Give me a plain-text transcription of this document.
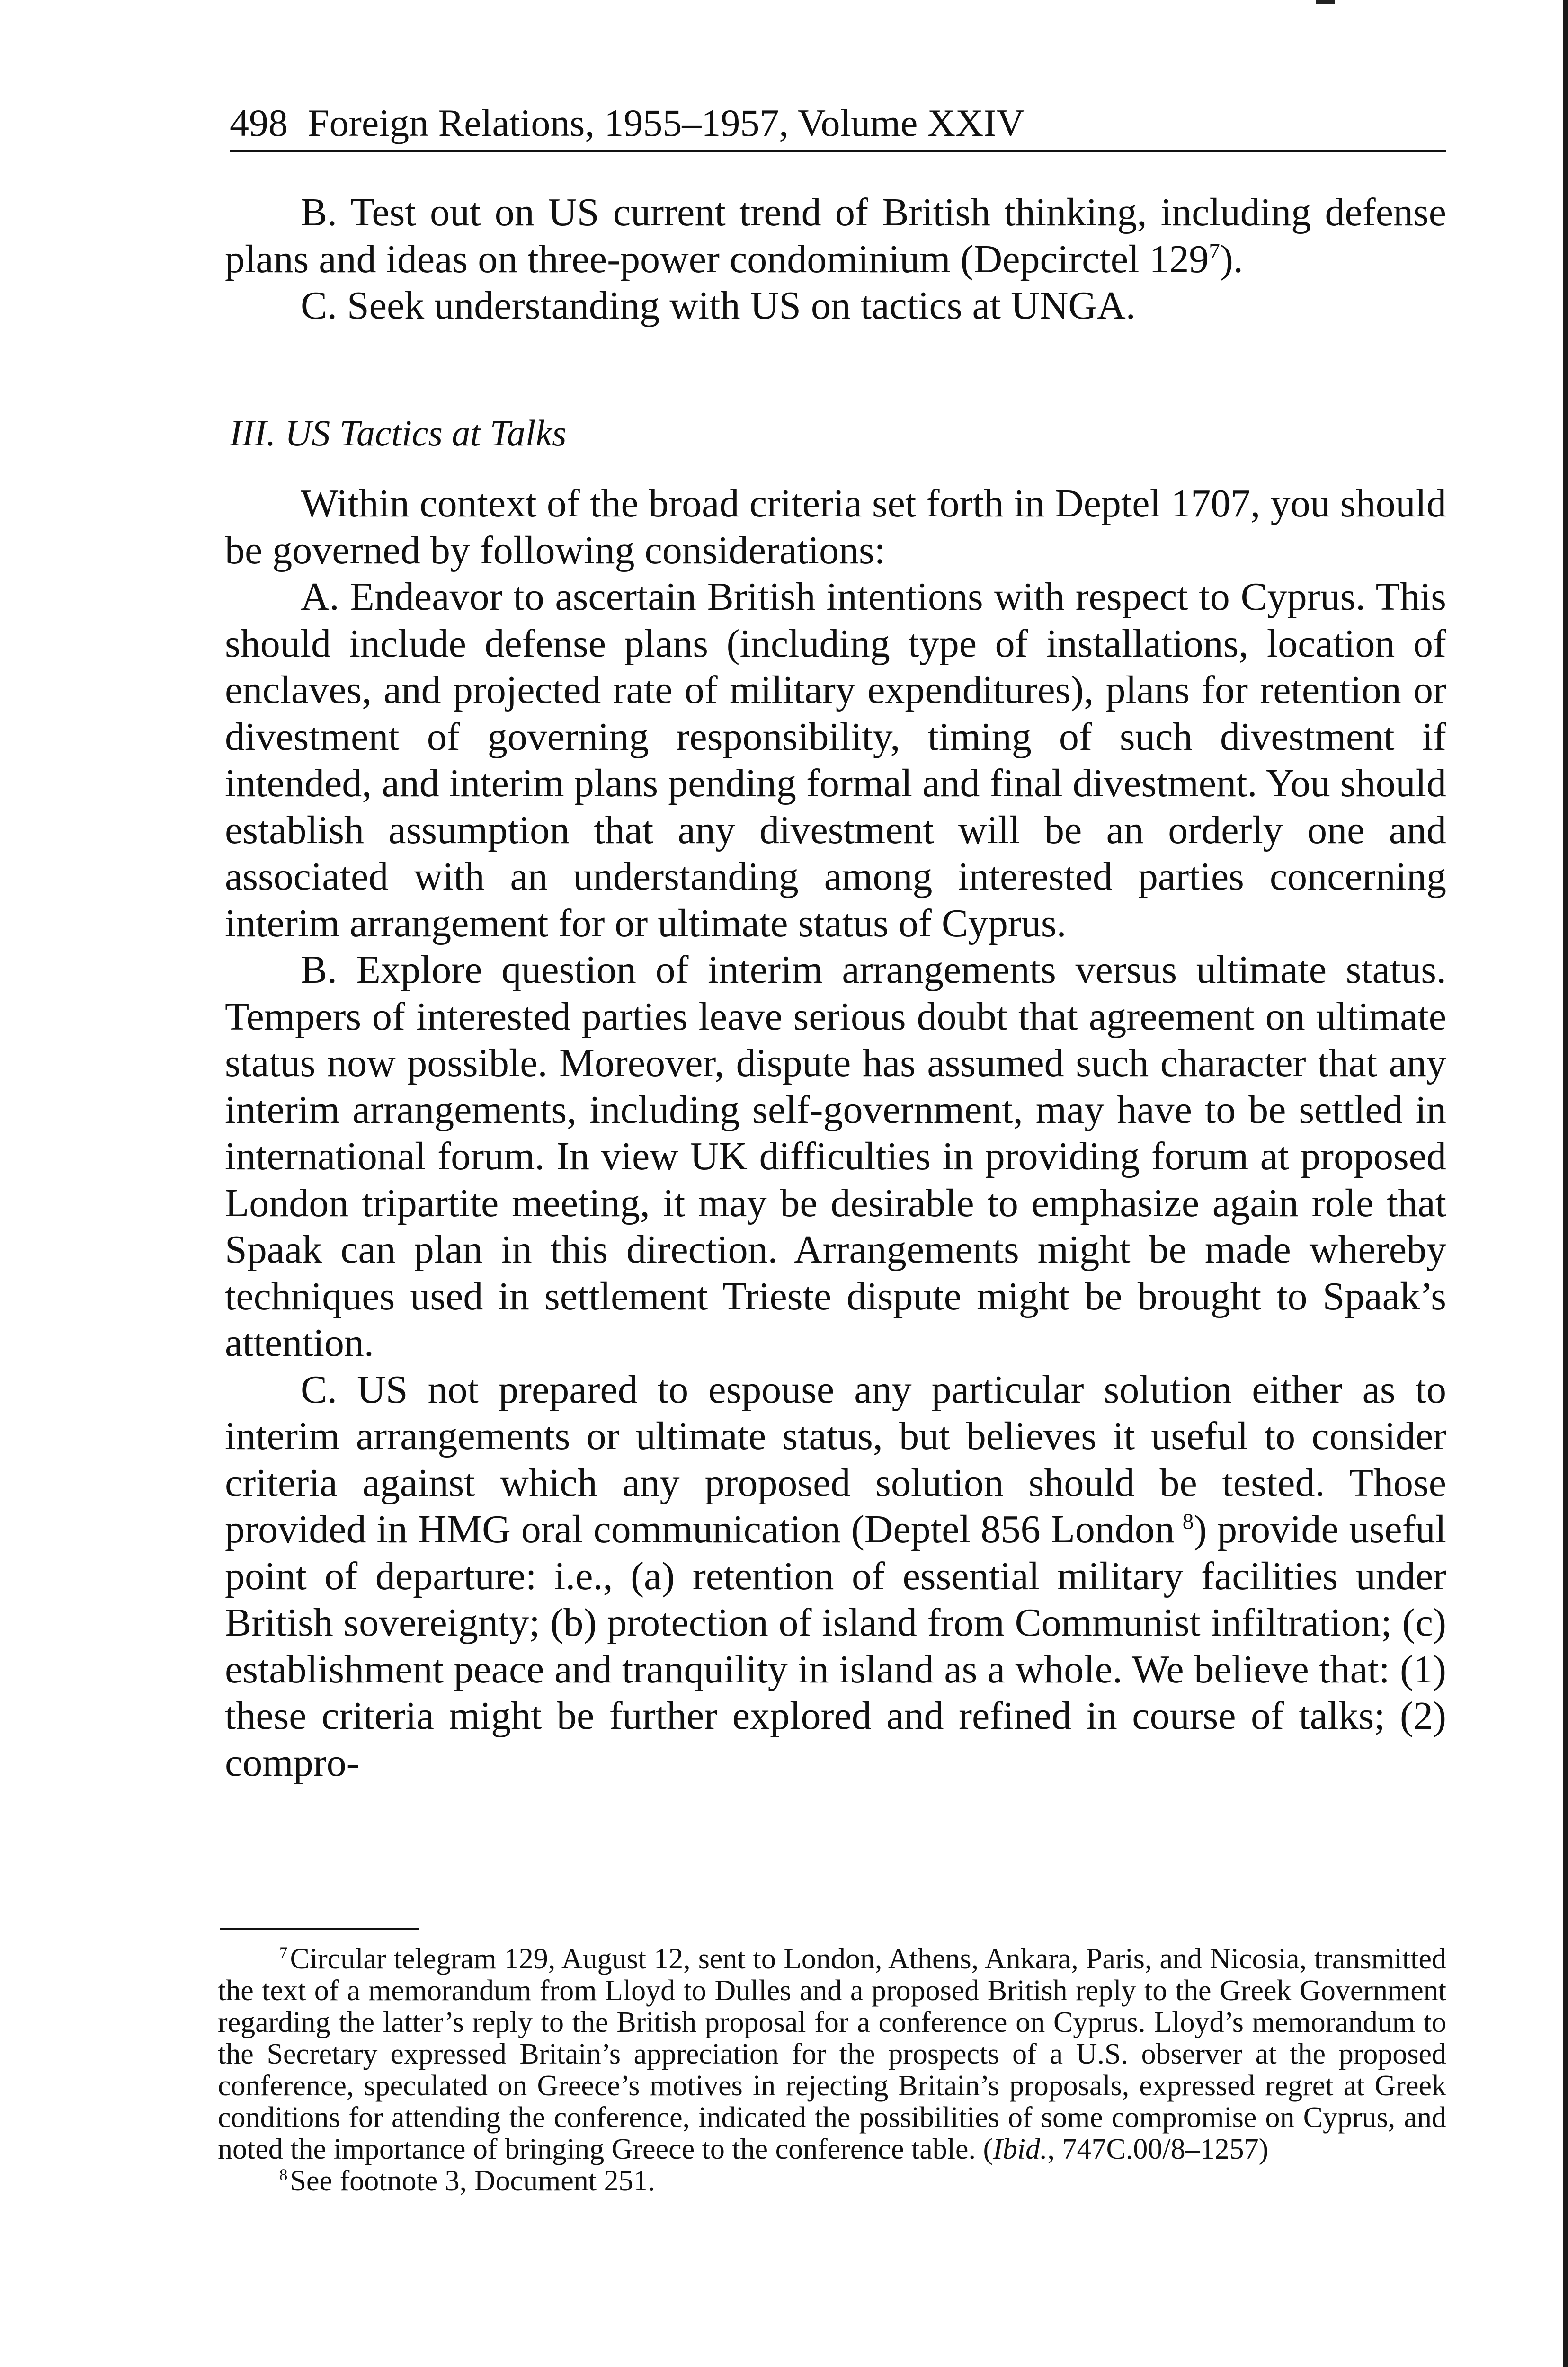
498 Foreign Relations, 1955–1957, Volume XXIV

B. Test out on US current trend of British thinking, including defense plans and ideas on three-power condominium (Depcirctel $129^7$).

C. Seek understanding with US on tactics at UNGA.

III. US Tactics at Talks

Within context of the broad criteria set forth in Deptel 1707, you should be governed by following considerations:

A. Endeavor to ascertain British intentions with respect to Cyprus. This should include defense plans (including type of installations, location of enclaves, and projected rate of military expenditures), plans for retention or divestment of governing responsibility, timing of such divestment if intended, and interim plans pending formal and final divestment. You should establish assumption that any divestment will be an orderly one and associated with an understanding among interested parties concerning interim arrangement for or ultimate status of Cyprus.

B. Explore question of interim arrangements versus ultimate status. Tempers of interested parties leave serious doubt that agreement on ultimate status now possible. Moreover, dispute has assumed such character that any interim arrangements, including self-government, may have to be settled in international forum. In view UK difficulties in providing forum at proposed London tripartite meeting, it may be desirable to emphasize again role that Spaak can plan in this direction. Arrangements might be made whereby techniques used in settlement Trieste dispute might be brought to Spaak’s attention.

C. US not prepared to espouse any particular solution either as to interim arrangements or ultimate status, but believes it useful to consider criteria against which any proposed solution should be tested. Those provided in HMG oral communication (Deptel 856 London  $^8$) provide useful point of departure: i.e., (a) retention of essential military facilities under British sovereignty; (b) protection of island from Communist infiltration; (c) establishment peace and tranquility in island as a whole. We believe that: (1) these criteria might be further explored and refined in course of talks; (2) compro-

$^7$ Circular telegram 129, August 12, sent to London, Athens, Ankara, Paris, and Nicosia, transmitted the text of a memorandum from Lloyd to Dulles and a proposed British reply to the Greek Government regarding the latter’s reply to the British proposal for a conference on Cyprus. Lloyd’s memorandum to the Secretary expressed Britain’s appreciation for the prospects of a U.S. observer at the proposed conference, speculated on Greece’s motives in rejecting Britain’s proposals, expressed regret at Greek conditions for attending the conference, indicated the possibilities of some compromise on Cyprus, and noted the importance of bringing Greece to the conference table. (Ibid., 747C.00/8–1257)

$^8$ See footnote 3, Document 251.
